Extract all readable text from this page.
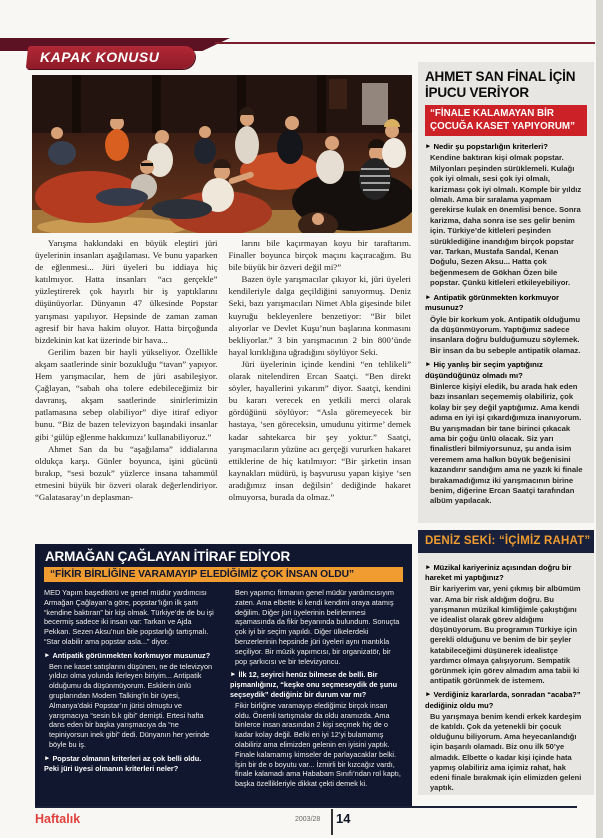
KAPAK KONUSU

Yarışma hakkındaki en büyük eleştiri jüri üyelerinin insanları aşağılaması. Ve bunu yaparken de eğlenmesi... Jüri üyeleri bu iddiaya hiç katılmıyor. Hatta insanları “acı gerçekle” yüzleştirerek çok hayırlı bir iş yaptıklarını düşünüyorlar. Dünyanın 47 ülkesinde Popstar yarışması yapılıyor. Hepsinde de zaman zaman agresif bir hava hakim oluyor. Hatta birçoğunda bizdekinin kat kat üzerinde bir hava...

Gerilim bazen bir hayli yükseliyor. Özellikle akşam saatlerinde sinir bozukluğu “tavan” yapıyor. Hem yarışmacılar, hem de jüri asabileşiyor. Çağlayan, “sabah oha tolere edebileceğimiz bir davranış, akşam saatlerinde sinirlerimizin patlamasına sebep olabiliyor” diye itiraf ediyor bunu. “Biz de bazen televizyon başındaki insanlar gibi ‘gülüp eğlenme hakkımızı’ kullanabiliyoruz.”

Ahmet San da bu “aşağılama” iddialarına oldukça karşı. Günler boyunca, işini gücünü bırakıp, “sesi bozuk” yüzlerce insana tahammül etmesini büyük bir özveri olarak değerlendiriyor. “Galatasaray’ın deplasman-

larını bile kaçırmayan koyu bir taraftarım. Finaller boyunca birçok maçını kaçıracağım. Bu bile büyük bir özveri değil mi?”

Bazen öyle yarışmacılar çıkıyor ki, jüri üyeleri kendileriyle dalga geçildiğini sanıyormuş. Deniz Seki, bazı yarışmacıları Nimet Abla gişesinde bilet kuyruğu bekleyenlere benzetiyor: “Bir bilet alıyorlar ve Devlet Kuşu’nun başlarına konmasını bekliyorlar.” 3 bin yarışmacının 2 bin 800’ünde hayal kırıklığına uğradığını söylüyor Seki.

Jüri üyelerinin içinde kendini “en tehlikeli” olarak nitelendiren Ercan Saatçi. “Ben direkt söyler, hayallerini yıkarım” diyor. Saatçi, kendini bu kararı verecek en yetkili merci olarak gördüğünü söylüyor: “Asla göremeyecek bir hastaya, ‘sen göreceksin, umudunu yitirme’ demek kadar sahtekarca bir şey yoktur.” Saatçi, yarışmacıların yüzüne acı gerçeği vururken hakaret ettiklerine de hiç katılmıyor: “Bir şirketin insan kaynakları müdürü, iş başvurusu yapan kişiye ‘sen aradığımız insan değilsin’ dediğinde hakaret olmuyorsa, burada da olmaz.”

AHMET SAN FİNAL İÇİN İPUCU VERİYOR

“FİNALE KALAMAYAN BİR ÇOCUĞA KASET YAPIYORUM”

► Nedir şu popstarlığın kriterleri?

Kendine baktıran kişi olmak popstar. Milyonları peşinden sürüklemeli. Kulağı çok iyi olmalı, sesi çok iyi olmalı, karizması çok iyi olmalı. Komple bir yıldız olmalı. Ama bir sıralama yapmam gerekirse kulak en önemlisi bence. Sonra karizma, daha sonra ise ses gelir benim için. Türkiye’de kitleleri peşinden sürüklediğine inandığım birçok popstar var. Tarkan, Mustafa Sandal, Kenan Doğulu, Sezen Aksu... Hatta çok beğenmesem de Gökhan Özen bile popstar. Çünkü kitleleri etkileyebiliyor.

► Antipatik görünmekten korkmuyor musunuz?

Öyle bir korkum yok. Antipatik olduğumu da düşünmüyorum. Yaptığımız sadece insanlara doğru bulduğumuzu söylemek. Bir insan da bu sebeple antipatik olamaz.

► Hiç yanlış bir seçim yaptığınız düşündüğünüz olmadı mı?

Binlerce kişiyi eledik, bu arada hak eden bazı insanları seçememiş olabiliriz, çok kolay bir şey değil yaptığımız. Ama kendi adıma en iyi işi çıkardığımıza inanıyorum. Bu yarışmadan bir tane birinci çıkacak ama bir çoğu ünlü olacak. Siz yarı finalistleri bilmiyorsunuz, şu anda isim veremem ama halkın büyük beğenisini kazandırır sandığım ama ne yazık ki finale bırakamadığımız iki yarışmacının birine benim, diğerine Ercan Saatçi tarafından albüm yapılacak.

DENİZ SEKİ: “İÇİMİZ RAHAT”

► Müzikal kariyeriniz açısından doğru bir hareket mi yaptığınız?

Bir kariyerim var, yeni çıkmış bir albümüm var. Ama bir risk aldığım doğru. Bu yarışmanın müzikal kimliğimle çakıştığını ve idealist olarak görev aldığımı düşünüyorum. Bu programın Türkiye için gerekli olduğunu ve benim de bir şeyler katabileceğimi düşünerek idealistçe yardımcı olmaya çalışıyorum. Sempatik görünmek için görev almadım ama tabii ki antipatik görünmek de istemem.

► Verdiğiniz kararlarda, sonradan “acaba?” dediğiniz oldu mu?

Bu yarışmaya benim kendi erkek kardeşim de katıldı. Çok da yetenekli bir çocuk olduğunu biliyorum. Ama heyecanlandığı için başarılı olamadı. Biz onu ilk 50’ye almadık. Elbette o kadar kişi içinde hata yapmış olabiliriz ama içimiz rahat, hak edeni finale bırakmak için elimizden geleni yaptık.

ARMAĞAN ÇAĞLAYAN İTİRAF EDİYOR
“FİKİR BİRLİĞİNE VARAMAYIP ELEDİĞİMİZ ÇOK İNSAN OLDU”

MED Yapım başeditörü ve genel müdür yardımcısı Armağan Çağlayan’a göre, popstar’lığın ilk şartı “kendine baktıran” bir kişi olmak. Türkiye’de de bu işi becermiş sadece iki insan var: Tarkan ve Ajda Pekkan. Sezen Aksu’nun bile popstarlığı tartışmalı. “Star olabilir ama popstar asla...” diyor.

► Antipatik görünmekten korkmuyor musunuz?

Ben ne kaset satışlarını düşünen, ne de televizyon yıldızı olma yolunda ilerleyen biriyim... Antipatik olduğumu da düşünmüyorum. Eskilerin ünlü gruplarından Modern Talking’in bir üyesi, Almanya’daki Popstar’ın jürisi olmuştu ve yarışmacıya “sesin b.k gibi” demişti. Ertesi hafta dans eden bir başka yarışmacıya da “ne tepiniyorsun inek gibi” dedi. Dünyanın her yerinde böyle bu iş.

► Popstar olmanın kriterleri az çok belli oldu. Peki jüri üyesi olmanın kriterleri neler?

Ben yapımcı firmanın genel müdür yardımcısıyım zaten. Ama elbette ki kendi kendimi oraya atamış değilim. Diğer jüri üyelerinin belirlenmesi aşamasında da fikir beyanında bulundum. Sonuçta çok iyi bir seçim yapıldı. Diğer ülkelerdeki benzerlerinin hepsinde jüri üyeleri aynı mantıkla seçiliyor. Bir müzik yapımcısı, bir organizatör, bir pop şarkıcısı ve bir televizyoncu.

► İlk 12, seyirci henüz bilmese de belli. Bir pişmanlığınız, “keşke onu seçmeseydik de şunu seçseydik” dediğiniz bir durum var mı?

Fikir birliğine varamayıp elediğimiz birçok insan oldu. Önemli tartışmalar da oldu aramızda. Ama binlerce insan arasından 2 kişi seçmek hiç de o kadar kolay değil. Belki en iyi 12’yi bulamamış olabiliriz ama elimizden gelenin en iyisini yaptık. Finale kalamamış kimseler de parlayacaklar belki. İşin bir de o boyutu var... İzmirli bir kızcağız vardı, finale kalamadı ama Hababam Sınıfı’ndan rol kaptı, başka özellikleriyle dikkat çekti demek ki.

Haftalık	2003/28 14
